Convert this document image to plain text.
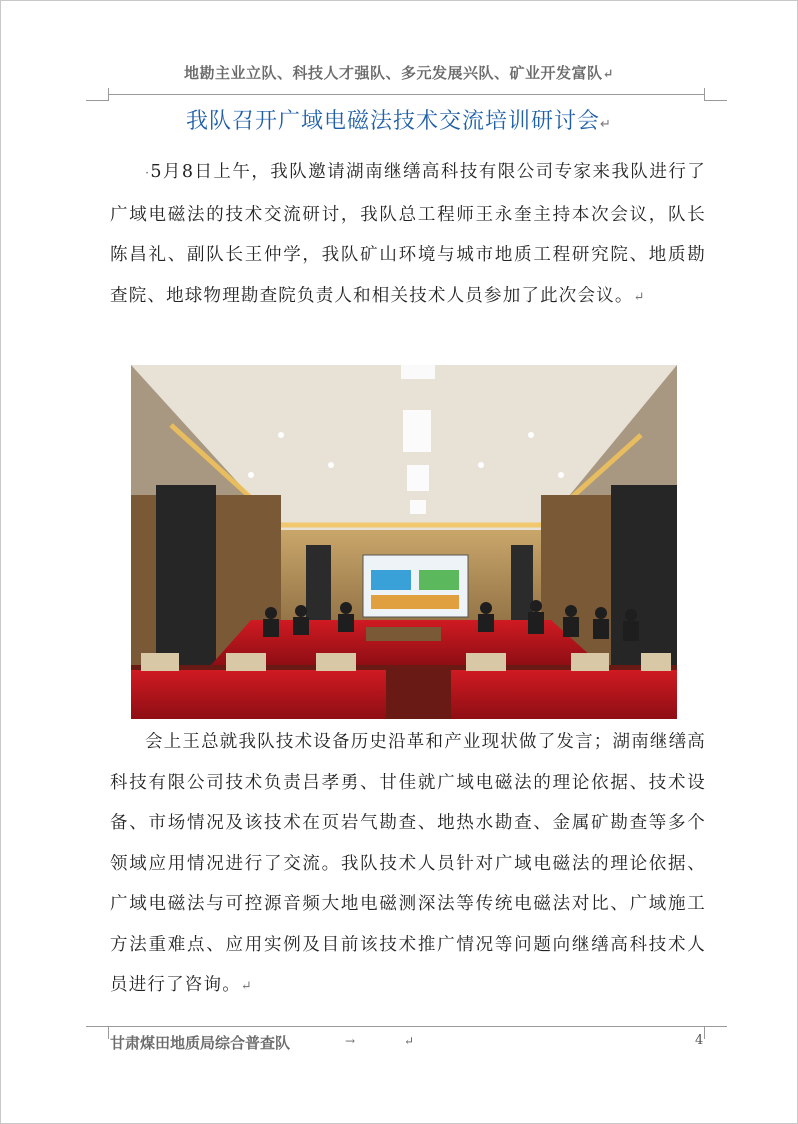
地勘主业立队、科技人才强队、多元发展兴队、矿业开发富队↵
我队召开广域电磁法技术交流培训研讨会↵
·5月8日上午，我队邀请湖南继缮高科技有限公司专家来我队进行了广域电磁法的技术交流研讨，我队总工程师王永奎主持本次会议，队长陈昌礼、副队长王仲学，我队矿山环境与城市地质工程研究院、地质勘查院、地球物理勘查院负责人和相关技术人员参加了此次会议。↵
会上王总就我队技术设备历史沿革和产业现状做了发言；湖南继缮高科技有限公司技术负责吕孝勇、甘佳就广域电磁法的理论依据、技术设备、市场情况及该技术在页岩气勘查、地热水勘查、金属矿勘查等多个领域应用情况进行了交流。我队技术人员针对广域电磁法的理论依据、广域电磁法与可控源音频大地电磁测深法等传统电磁法对比、广域施工方法重难点、应用实例及目前该技术推广情况等问题向继缮高科技术人员进行了咨询。↵
甘肃煤田地质局综合普查队	→	↵	4
